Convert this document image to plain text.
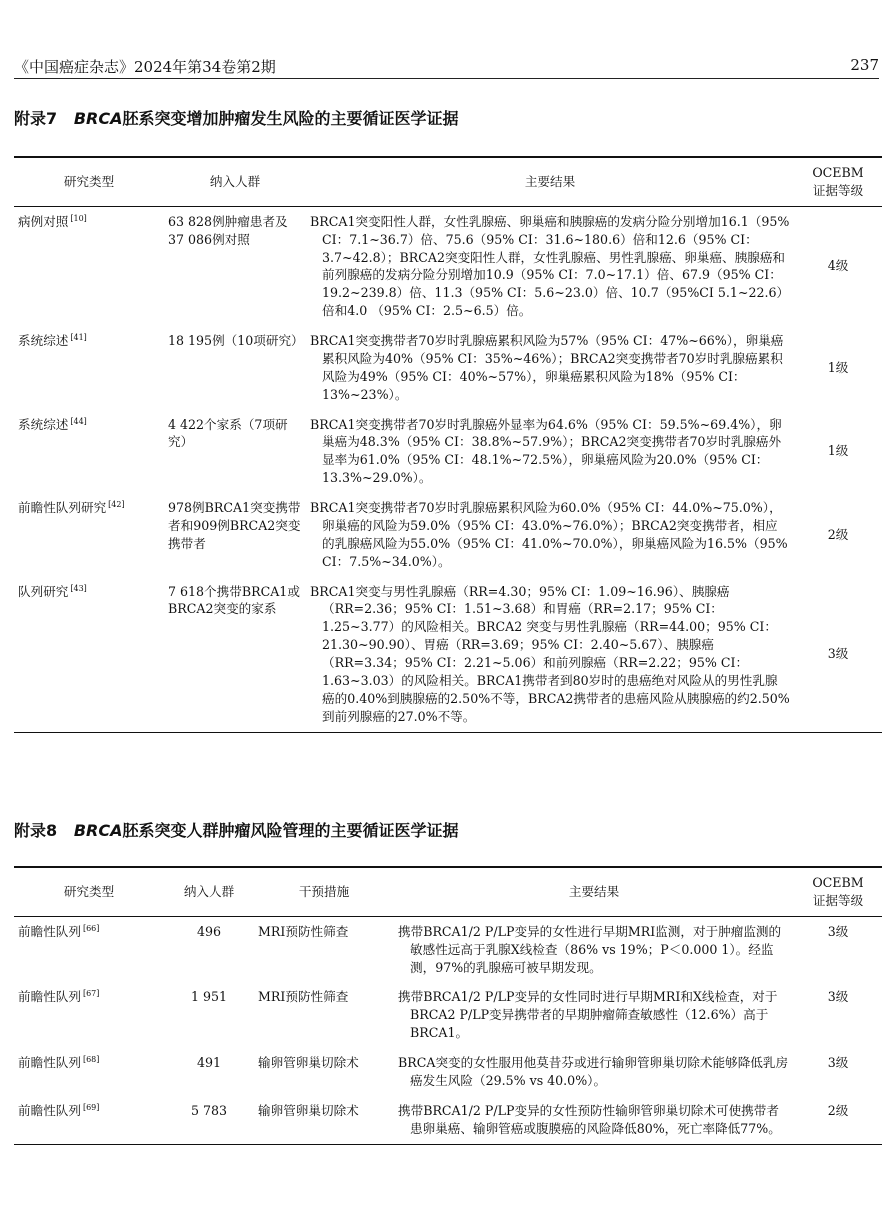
《中国癌症杂志》2024年第34卷第2期	237
附录7 BRCA胚系突变增加肿瘤发生风险的主要循证医学证据
研究类型	纳入人群	主要结果	OCEBM
证据等级
病例对照 [10]	63 828例肿瘤患者及37 086例对照	BRCA1突变阳性人群，女性乳腺癌、卵巢癌和胰腺癌的发病分险分别增加16.1（95% CI：7.1~36.7）倍、75.6（95% CI：31.6~180.6）倍和12.6（95% CI：3.7~42.8）；BRCA2突变阳性人群，女性乳腺癌、男性乳腺癌、卵巢癌、胰腺癌和前列腺癌的发病分险分别增加10.9（95% CI：7.0~17.1）倍、67.9（95% CI：19.2~239.8）倍、11.3（95% CI：5.6~23.0）倍、10.7（95%CI 5.1~22.6）倍和4.0 （95% CI：2.5~6.5）倍。	4级
系统综述 [41]	18 195例（10项研究）	BRCA1突变携带者70岁时乳腺癌累积风险为57%（95% CI：47%~66%），卵巢癌累积风险为40%（95% CI：35%~46%）；BRCA2突变携带者70岁时乳腺癌累积风险为49%（95% CI：40%~57%），卵巢癌累积风险为18%（95% CI：13%~23%）。	1级
系统综述 [44]	4 422个家系（7项研究）	BRCA1突变携带者70岁时乳腺癌外显率为64.6%（95% CI：59.5%~69.4%），卵巢癌为48.3%（95% CI：38.8%~57.9%）；BRCA2突变携带者70岁时乳腺癌外显率为61.0%（95% CI：48.1%~72.5%），卵巢癌风险为20.0%（95% CI：13.3%~29.0%）。	1级
前瞻性队列研究 [42]	978例BRCA1突变携带者和909例BRCA2突变携带者	BRCA1突变携带者70岁时乳腺癌累积风险为60.0%（95% CI：44.0%~75.0%），卵巢癌的风险为59.0%（95% CI：43.0%~76.0%）；BRCA2突变携带者，相应的乳腺癌风险为55.0%（95% CI：41.0%~70.0%），卵巢癌风险为16.5%（95% CI：7.5%~34.0%）。	2级
队列研究 [43]	7 618个携带BRCA1或BRCA2突变的家系	BRCA1突变与男性乳腺癌（RR=4.30；95% CI：1.09~16.96）、胰腺癌（RR=2.36；95% CI：1.51~3.68）和胃癌（RR=2.17；95% CI：1.25~3.77）的风险相关。BRCA2 突变与男性乳腺癌（RR=44.00；95% CI：21.30~90.90）、胃癌（RR=3.69；95% CI：2.40~5.67）、胰腺癌（RR=3.34；95% CI：2.21~5.06）和前列腺癌（RR=2.22；95% CI：1.63~3.03）的风险相关。BRCA1携带者到80岁时的患癌绝对风险从的男性乳腺癌的0.40%到胰腺癌的2.50%不等，BRCA2携带者的患癌风险从胰腺癌的约2.50%到前列腺癌的27.0%不等。	3级
附录8 BRCA胚系突变人群肿瘤风险管理的主要循证医学证据
研究类型	纳入人群	干预措施	主要结果	OCEBM
证据等级
前瞻性队列 [66]	496	MRI预防性筛查	携带BRCA1/2 P/LP变异的女性进行早期MRI监测，对于肿瘤监测的敏感性远高于乳腺X线检查（86% vs 19%；P＜0.000 1）。经监测，97%的乳腺癌可被早期发现。	3级
前瞻性队列 [67]	1 951	MRI预防性筛查	携带BRCA1/2 P/LP变异的女性同时进行早期MRI和X线检查，对于BRCA2 P/LP变异携带者的早期肿瘤筛查敏感性（12.6%）高于BRCA1。	3级
前瞻性队列 [68]	491	输卵管卵巢切除术	BRCA突变的女性服用他莫昔芬或进行输卵管卵巢切除术能够降低乳房癌发生风险（29.5% vs 40.0%）。	3级
前瞻性队列 [69]	5 783	输卵管卵巢切除术	携带BRCA1/2 P/LP变异的女性预防性输卵管卵巢切除术可使携带者患卵巢癌、输卵管癌或腹膜癌的风险降低80%，死亡率降低77%。	2级
